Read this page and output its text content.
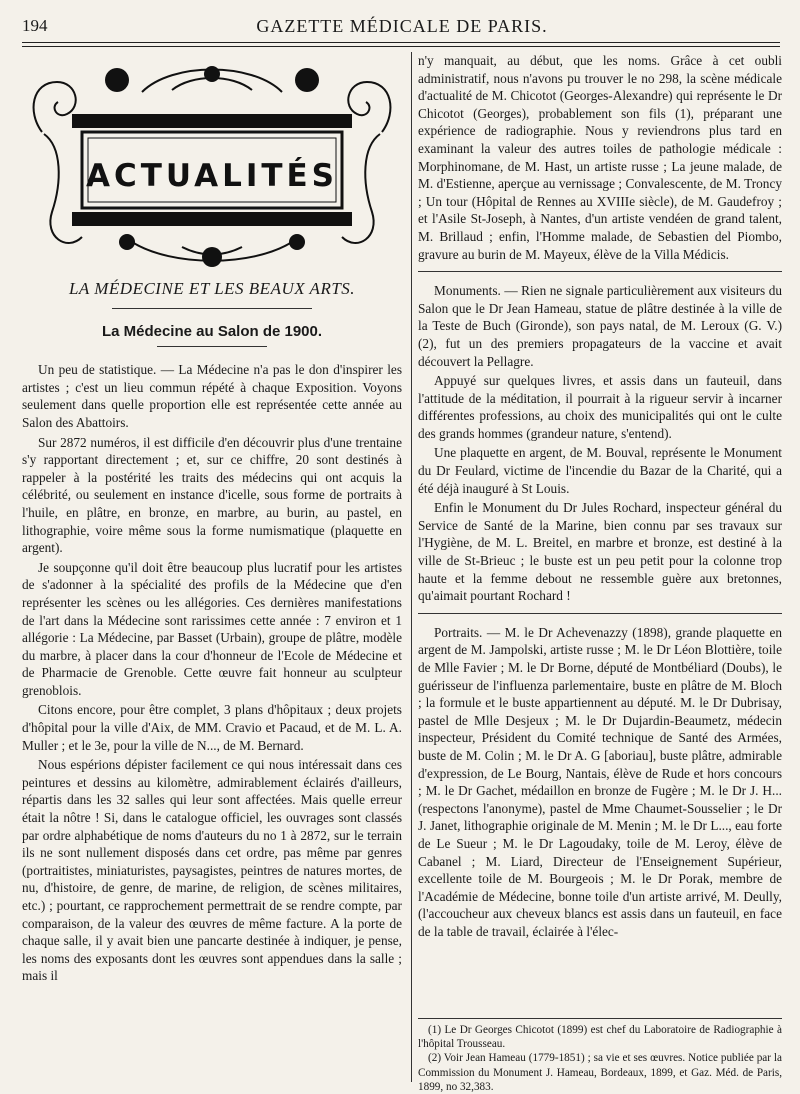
194	GAZETTE MÉDICALE DE PARIS.
ACTUALITÉS
LA MÉDECINE ET LES BEAUX ARTS.
La Médecine au Salon de 1900.

Un peu de statistique. — La Médecine n'a pas le don d'inspirer les artistes ; c'est un lieu commun répété à chaque Exposition. Voyons seulement dans quelle proportion elle est représentée cette année au Salon des Abattoirs.

Sur 2872 numéros, il est difficile d'en découvrir plus d'une trentaine s'y rapportant directement ; et, sur ce chiffre, 20 sont destinés à rappeler à la postérité les traits des médecins qui ont acquis la célébrité, ou seulement en instance d'icelle, sous forme de portraits à l'huile, en plâtre, en bronze, en marbre, au burin, au pastel, en lithographie, voire même sous la forme numismatique (plaquette en argent).

Je soupçonne qu'il doit être beaucoup plus lucratif pour les artistes de s'adonner à la spécialité des profils de la Médecine que d'en représenter les scènes ou les allégories. Ces dernières manifestations de l'art dans la Médecine sont rarissimes cette année : 7 environ et 1 allégorie : La Médecine, par Basset (Urbain), groupe de plâtre, modèle du marbre, à placer dans la cour d'honneur de l'Ecole de Médecine et de Pharmacie de Grenoble. Cette œuvre fait honneur au sculpteur grenoblois.

Citons encore, pour être complet, 3 plans d'hôpitaux ; deux projets d'hôpital pour la ville d'Aix, de MM. Cravio et Pacaud, et de M. L. A. Muller ; et le 3e, pour la ville de N..., de M. Bernard.

Nous espérions dépister facilement ce qui nous intéressait dans ces peintures et dessins au kilomètre, admirablement éclairés d'ailleurs, répartis dans les 32 salles qui leur sont affectées. Mais quelle erreur était la nôtre ! Si, dans le catalogue officiel, les ouvrages sont classés par ordre alphabétique de noms d'auteurs du no 1 à 2872, sur le terrain ils ne sont nullement disposés dans cet ordre, pas même par genres (portraitistes, miniaturistes, paysagistes, peintres de natures mortes, de nu, d'histoire, de genre, de marine, de religion, de scènes militaires, etc.) ; pourtant, ce rapprochement permettrait de se rendre compte, par comparaison, de la valeur des œuvres de même facture. A la porte de chaque salle, il y avait bien une pancarte destinée à indiquer, je pense, les noms des exposants dont les œuvres sont appendues dans la salle ; mais il

n'y manquait, au début, que les noms. Grâce à cet oubli administratif, nous n'avons pu trouver le no 298, la scène médicale d'actualité de M. Chicotot (Georges-Alexandre) qui représente le Dr Chicotot (Georges), probablement son fils (1), préparant une expérience de radiographie. Nous y reviendrons plus tard en examinant la valeur des autres toiles de pathologie médicale : Morphinomane, de M. Hast, un artiste russe ; La jeune malade, de M. d'Estienne, aperçue au vernissage ; Convalescente, de M. Troncy ; Un tour (Hôpital de Rennes au XVIIIe siècle), de M. Gaudefroy ; et l'Asile St-Joseph, à Nantes, d'un artiste vendéen de grand talent, M. Brillaud ; enfin, l'Homme malade, de Sebastien del Piombo, gravure au burin de M. Mayeux, élève de la Villa Médicis.

Monuments. — Rien ne signale particulièrement aux visiteurs du Salon que le Dr Jean Hameau, statue de plâtre destinée à la ville de la Teste de Buch (Gironde), son pays natal, de M. Leroux (G. V.) (2), fut un des premiers propagateurs de la vaccine et avait découvert la Pellagre.

Appuyé sur quelques livres, et assis dans un fauteuil, dans l'attitude de la méditation, il pourrait à la rigueur servir à incarner différentes professions, au choix des municipalités qui ont le culte des grands hommes (grandeur nature, s'entend).

Une plaquette en argent, de M. Bouval, représente le Monument du Dr Feulard, victime de l'incendie du Bazar de la Charité, qui a été déjà inauguré à St Louis.

Enfin le Monument du Dr Jules Rochard, inspecteur général du Service de Santé de la Marine, bien connu par ses travaux sur l'Hygiène, de M. L. Breitel, en marbre et bronze, est destiné à la ville de St-Brieuc ; le buste est un peu petit pour la colonne trop haute et la femme debout ne ressemble guère aux bretonnes, qu'aimait pourtant Rochard !

Portraits. — M. le Dr Achevenazzy (1898), grande plaquette en argent de M. Jampolski, artiste russe ; M. le Dr Léon Blottière, toile de Mlle Favier ; M. le Dr Borne, député de Montbéliard (Doubs), le guérisseur de l'influenza parlementaire, buste en plâtre de M. Bloch ; la formule et le buste appartiennent au député. M. le Dr Dubrisay, pastel de Mlle Desjeux ; M. le Dr Dujardin-Beaumetz, médecin inspecteur, Président du Comité technique de Santé des Armées, buste de M. Colin ; M. le Dr A. G [aboriau], buste plâtre, admirable d'expression, de Le Bourg, Nantais, élève de Rude et hors concours ; M. le Dr Gachet, médaillon en bronze de Fugère ; M. le Dr J. H... (respectons l'anonyme), pastel de Mme Chaumet-Sousselier ; le Dr J. Janet, lithographie originale de M. Menin ; M. le Dr L..., eau forte de Le Sueur ; M. le Dr Lagoudaky, toile de M. Leroy, élève de Cabanel ; M. Liard, Directeur de l'Enseignement Supérieur, excellente toile de M. Bourgeois ; M. le Dr Porak, membre de l'Académie de Médecine, bonne toile d'un artiste arrivé, M. Deully, (l'accoucheur aux cheveux blancs est assis dans un fauteuil, en face de la table de travail, éclairée à l'élec-

(1) Le Dr Georges Chicotot (1899) est chef du Laboratoire de Radiographie à l'hôpital Trousseau.

(2) Voir Jean Hameau (1779-1851) ; sa vie et ses œuvres. Notice publiée par la Commission du Monument J. Hameau, Bordeaux, 1899, et Gaz. Méd. de Paris, 1899, no 32,383.
